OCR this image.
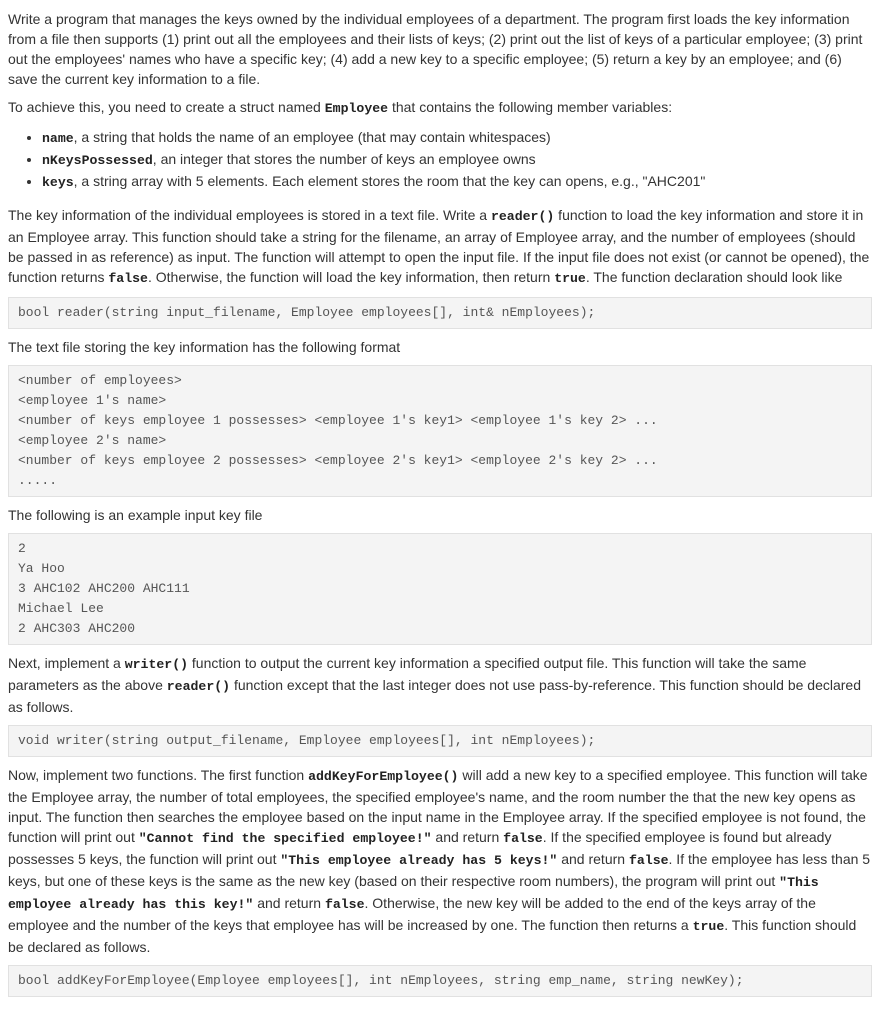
Write a program that manages the keys owned by the individual employees of a department. The program first loads the key information from a file then supports (1) print out all the employees and their lists of keys; (2) print out the list of keys of a particular employee; (3) print out the employees' names who have a specific key; (4) add a new key to a specific employee; (5) return a key by an employee; and (6) save the current key information to a file.

To achieve this, you need to create a struct named Employee that contains the following member variables:

• name, a string that holds the name of an employee (that may contain whitespaces)
• nKeysPossessed, an integer that stores the number of keys an employee owns
• keys, a string array with 5 elements. Each element stores the room that the key can opens, e.g., "AHC201"

The key information of the individual employees is stored in a text file. Write a reader() function to load the key information and store it in an Employee array. This function should take a string for the filename, an array of Employee array, and the number of employees (should be passed in as reference) as input. The function will attempt to open the input file. If the input file does not exist (or cannot be opened), the function returns false. Otherwise, the function will load the key information, then return true. The function declaration should look like

bool reader(string input_filename, Employee employees[], int& nEmployees);

The text file storing the key information has the following format

<number of employees>
<employee 1's name>
<number of keys employee 1 possesses> <employee 1's key1> <employee 1's key 2> ...
<employee 2's name>
<number of keys employee 2 possesses> <employee 2's key1> <employee 2's key 2> ...
.....

The following is an example input key file

2
Ya Hoo
3 AHC102 AHC200 AHC111
Michael Lee
2 AHC303 AHC200

Next, implement a writer() function to output the current key information a specified output file. This function will take the same parameters as the above reader() function except that the last integer does not use pass-by-reference. This function should be declared as follows.

void writer(string output_filename, Employee employees[], int nEmployees);

Now, implement two functions. The first function addKeyForEmployee() will add a new key to a specified employee. This function will take the Employee array, the number of total employees, the specified employee's name, and the room number the that the new key opens as input. The function then searches the employee based on the input name in the Employee array. If the specified employee is not found, the function will print out "Cannot find the specified employee!" and return false. If the specified employee is found but already possesses 5 keys, the function will print out "This employee already has 5 keys!" and return false. If the employee has less than 5 keys, but one of these keys is the same as the new key (based on their respective room numbers), the program will print out "This employee already has this key!" and return false. Otherwise, the new key will be added to the end of the keys array of the employee and the number of the keys that employee has will be increased by one. The function then returns a true. This function should be declared as follows.

bool addKeyForEmployee(Employee employees[], int nEmployees, string emp_name, string newKey);
